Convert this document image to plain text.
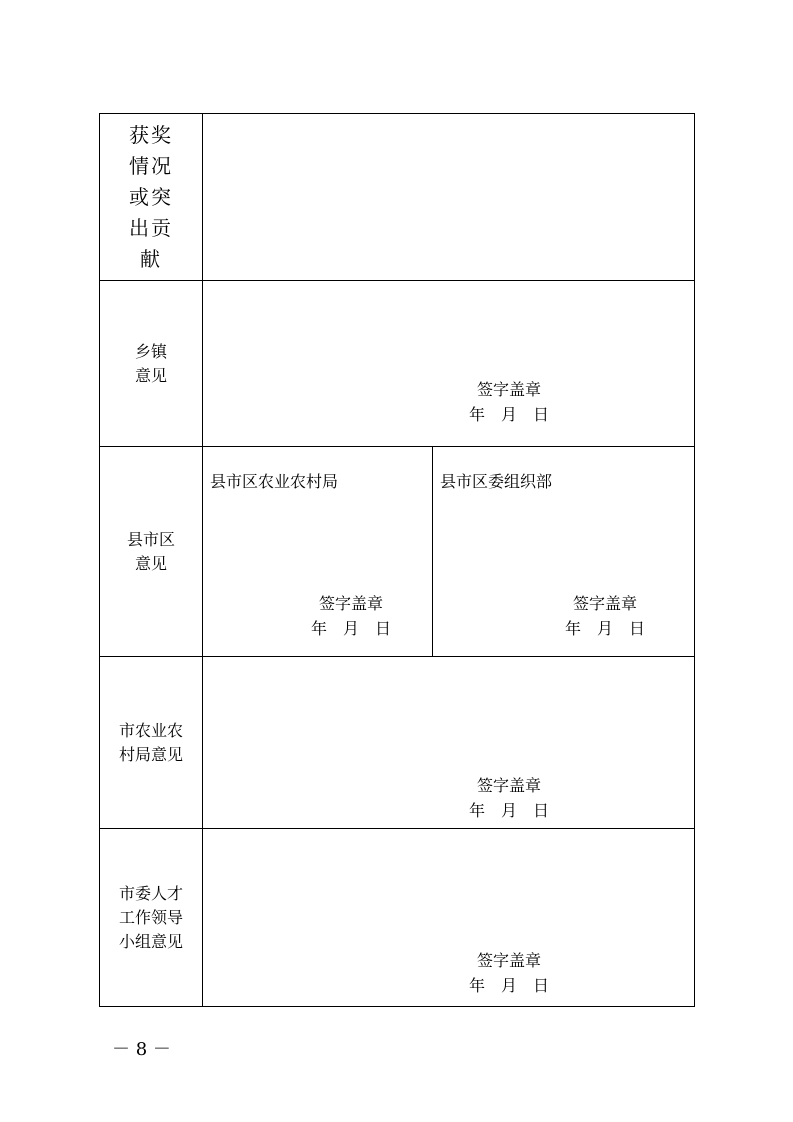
获奖情况或突出贡献
乡镇意见
签字盖章
年　月　日
县市区意见
县市区农业农村局
签字盖章
年　月　日
县市区委组织部
签字盖章
年　月　日
市农业农村局意见
签字盖章
年　月　日
市委人才工作领导小组意见
签字盖章
年　月　日
－ 8 －
